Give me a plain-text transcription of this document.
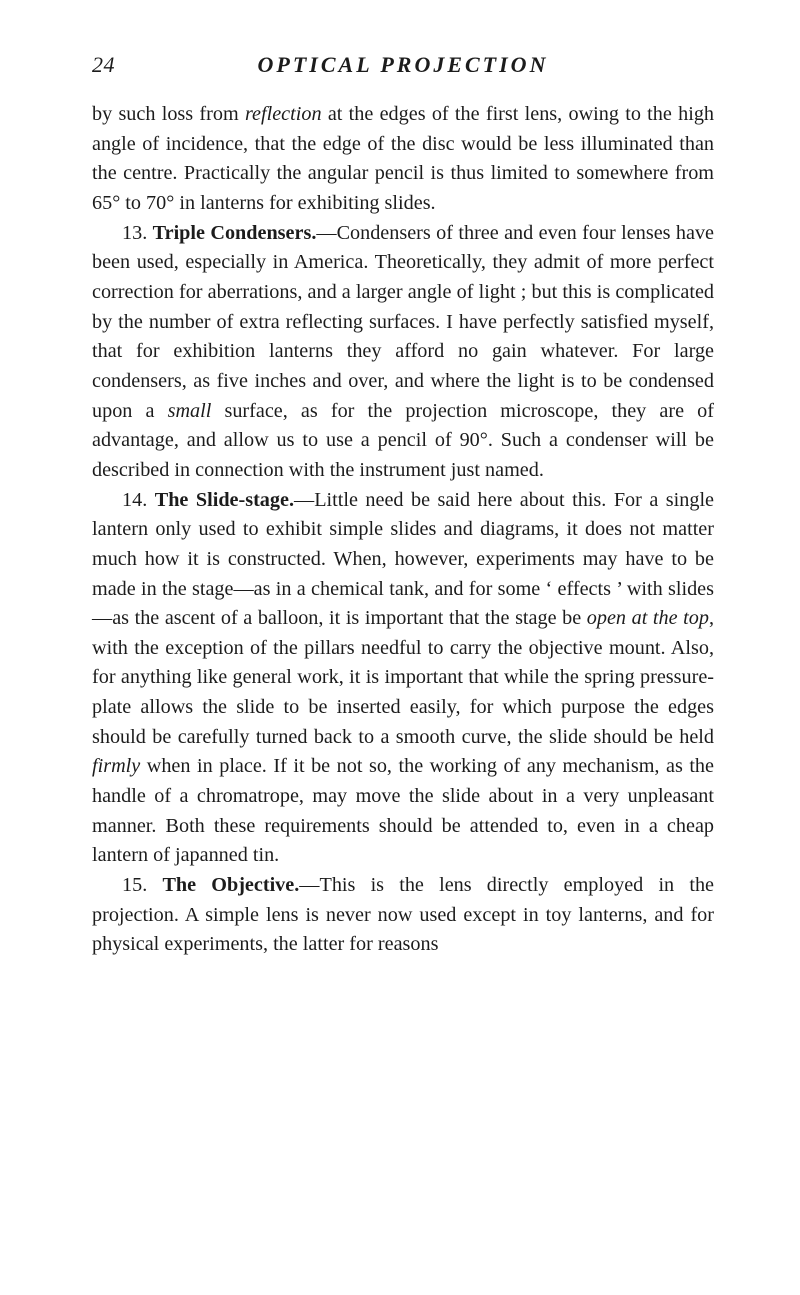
24	OPTICAL PROJECTION

by such loss from reflection at the edges of the first lens, owing to the high angle of incidence, that the edge of the disc would be less illuminated than the centre. Practically the angular pencil is thus limited to somewhere from 65° to 70° in lanterns for exhibiting slides.

13. Triple Condensers.—Condensers of three and even four lenses have been used, especially in America. Theoretically, they admit of more perfect correction for aberrations, and a larger angle of light ; but this is complicated by the number of extra reflecting surfaces. I have perfectly satisfied myself, that for exhibition lanterns they afford no gain whatever. For large condensers, as five inches and over, and where the light is to be condensed upon a small surface, as for the projection microscope, they are of advantage, and allow us to use a pencil of 90°. Such a condenser will be described in connection with the instrument just named.

14. The Slide-stage.—Little need be said here about this. For a single lantern only used to exhibit simple slides and diagrams, it does not matter much how it is constructed. When, however, experiments may have to be made in the stage—as in a chemical tank, and for some ‘ effects ’ with slides—as the ascent of a balloon, it is important that the stage be open at the top, with the exception of the pillars needful to carry the objective mount. Also, for anything like general work, it is important that while the spring pressure-plate allows the slide to be inserted easily, for which purpose the edges should be carefully turned back to a smooth curve, the slide should be held firmly when in place. If it be not so, the working of any mechanism, as the handle of a chromatrope, may move the slide about in a very unpleasant manner. Both these requirements should be attended to, even in a cheap lantern of japanned tin.

15. The Objective.—This is the lens directly employed in the projection. A simple lens is never now used except in toy lanterns, and for physical experiments, the latter for reasons
